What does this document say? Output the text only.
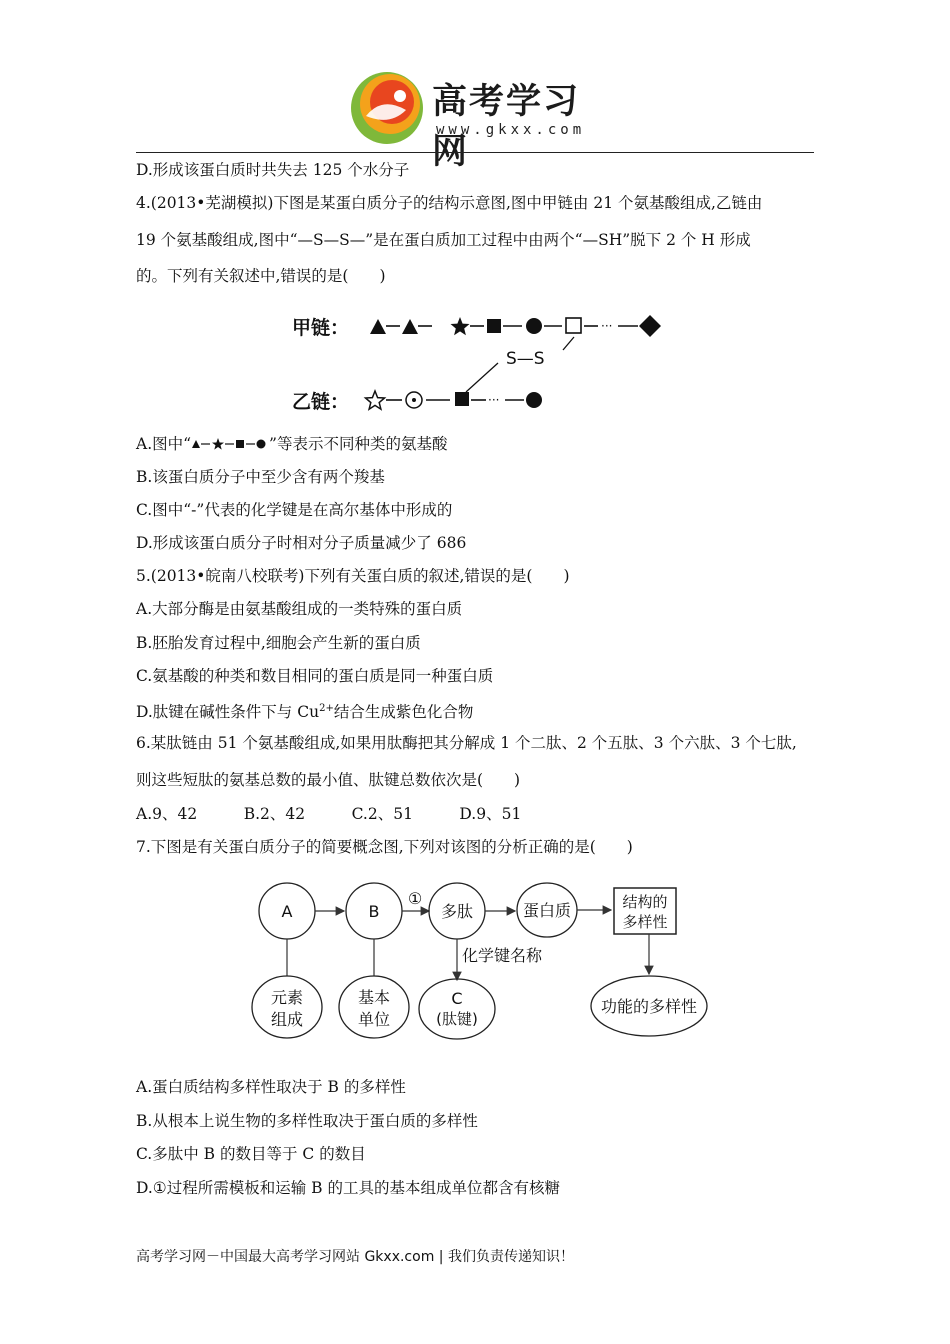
高考学习网
www.gkxx.com
D.形成该蛋白质时共失去 125 个水分子
4.(2013•芜湖模拟)下图是某蛋白质分子的结构示意图,图中甲链由 21 个氨基酸组成,乙链由
19 个氨基酸组成,图中“—S—S—”是在蛋白质加工过程中由两个“—SH”脱下 2 个 H 形成
的。下列有关叙述中,错误的是(　　)
甲链：
乙链：
···
S—S
···
A.图中“	”等表示不同种类的氨基酸
B.该蛋白质分子中至少含有两个羧基
C.图中“-”代表的化学键是在高尔基体中形成的
D.形成该蛋白质分子时相对分子质量减少了 686
5.(2013•皖南八校联考)下列有关蛋白质的叙述,错误的是(　　)
A.大部分酶是由氨基酸组成的一类特殊的蛋白质
B.胚胎发育过程中,细胞会产生新的蛋白质
C.氨基酸的种类和数目相同的蛋白质是同一种蛋白质
D.肽键在碱性条件下与 $Cu^{2+}$结合生成紫色化合物
6.某肽链由 51 个氨基酸组成,如果用肽酶把其分解成 1 个二肽、2 个五肽、3 个六肽、3 个七肽,
则这些短肽的氨基总数的最小值、肽键总数依次是(　　)
A.9、42　　　B.2、42　　　C.2、51　　　D.9、51
7.下图是有关蛋白质分子的简要概念图,下列对该图的分析正确的是(　　)
A	B
①
多肽	蛋白质	结构的
多样性
化学键名称
元素
组成
基本
单位
C
(肽键)
功能的多样性
A.蛋白质结构多样性取决于 B 的多样性
B.从根本上说生物的多样性取决于蛋白质的多样性
C.多肽中 B 的数目等于 C 的数目
D.①过程所需模板和运输 B 的工具的基本组成单位都含有核糖
高考学习网－中国最大高考学习网站 Gkxx.com | 我们负责传递知识！
